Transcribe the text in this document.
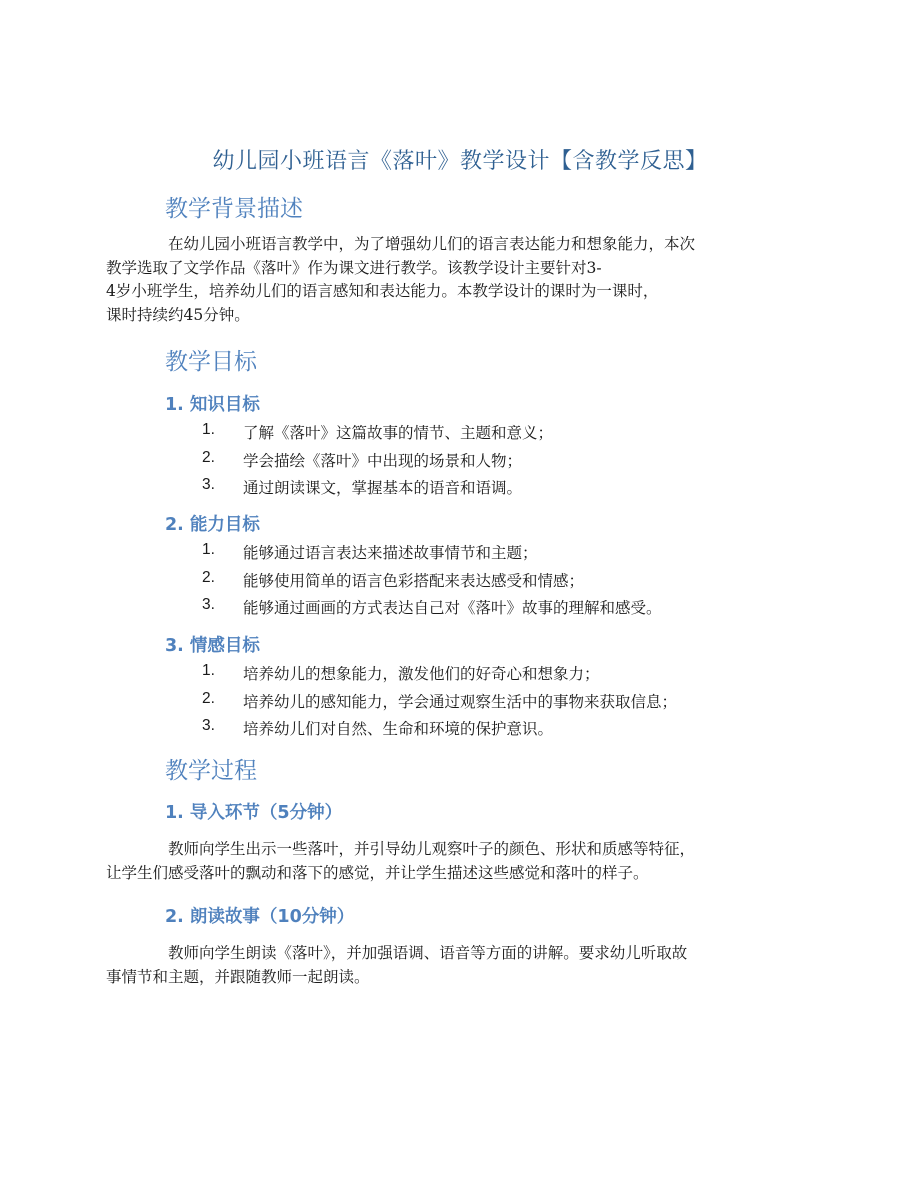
幼儿园小班语言《落叶》教学设计【含教学反思】
教学背景描述
在幼儿园小班语言教学中，为了增强幼儿们的语言表达能力和想象能力，本次
教学选取了文学作品《落叶》作为课文进行教学。该教学设计主要针对3-
4岁小班学生，培养幼儿们的语言感知和表达能力。本教学设计的课时为一课时，
课时持续约45分钟。
教学目标
1. 知识目标
1. 了解《落叶》这篇故事的情节、主题和意义；
2. 学会描绘《落叶》中出现的场景和人物；
3. 通过朗读课文，掌握基本的语音和语调。
2. 能力目标
1. 能够通过语言表达来描述故事情节和主题；
2. 能够使用简单的语言色彩搭配来表达感受和情感；
3. 能够通过画画的方式表达自己对《落叶》故事的理解和感受。
3. 情感目标
1. 培养幼儿的想象能力，激发他们的好奇心和想象力；
2. 培养幼儿的感知能力，学会通过观察生活中的事物来获取信息；
3. 培养幼儿们对自然、生命和环境的保护意识。
教学过程
1. 导入环节（5分钟）
教师向学生出示一些落叶，并引导幼儿观察叶子的颜色、形状和质感等特征，
让学生们感受落叶的飘动和落下的感觉，并让学生描述这些感觉和落叶的样子。
2. 朗读故事（10分钟）
教师向学生朗读《落叶》，并加强语调、语音等方面的讲解。要求幼儿听取故
事情节和主题，并跟随教师一起朗读。
